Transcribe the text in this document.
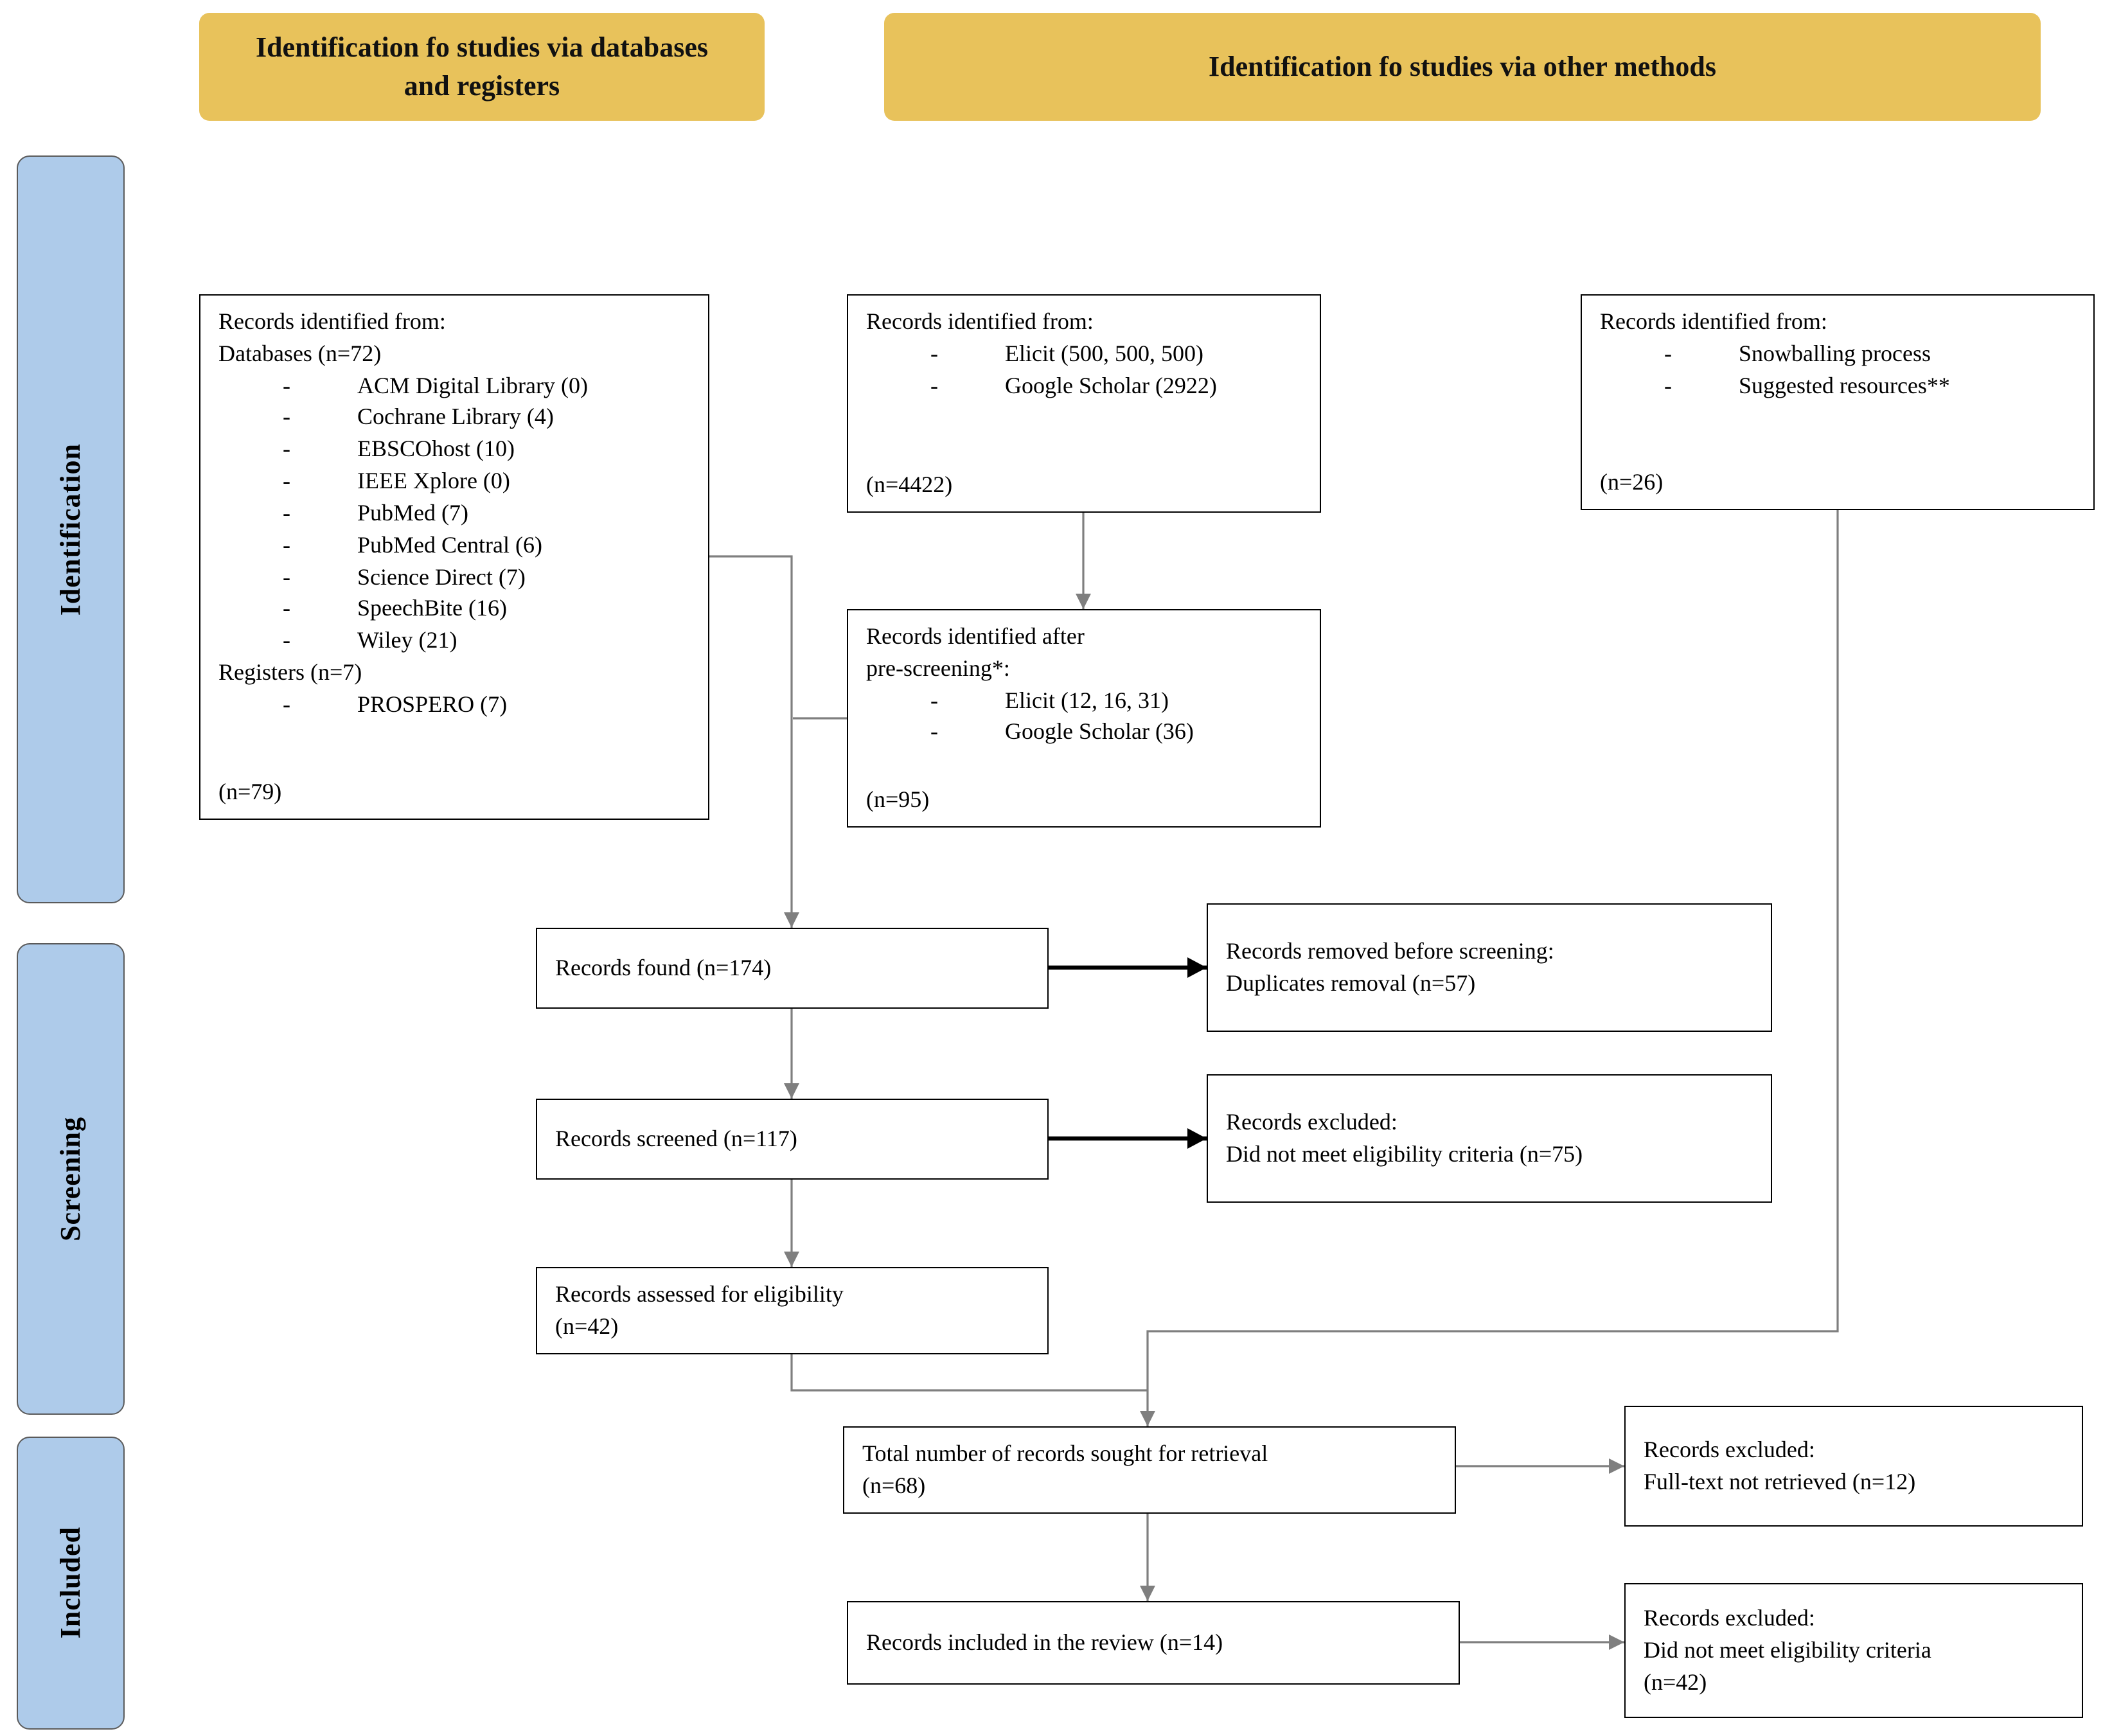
Identification fo studies via databases and registers
Identification fo studies via other methods
Identification
Screening
Included
Records identified from:
Databases (n=72)
- ACM Digital Library (0)
- Cochrane Library (4)
- EBSCOhost (10)
- IEEE Xplore (0)
- PubMed (7)
- PubMed Central (6)
- Science Direct (7)
- SpeechBite (16)
- Wiley (21)
Registers (n=7)
- PROSPERO (7)
(n=79)
Records identified from:
- Elicit (500, 500, 500)
- Google Scholar (2922)
(n=4422)
Records identified from:
- Snowballing process
- Suggested resources**
(n=26)
Records identified after
pre-screening*:
- Elicit (12, 16, 31)
- Google Scholar (36)
(n=95)
Records found (n=174)
Records removed before screening:
Duplicates removal (n=57)
Records screened (n=117)
Records excluded:
Did not meet eligibility criteria (n=75)
Records assessed for eligibility
(n=42)
Total number of records sought for retrieval
(n=68)
Records excluded:
Full-text not retrieved (n=12)
Records included in the review (n=14)
Records excluded:
Did not meet eligibility criteria
(n=42)
